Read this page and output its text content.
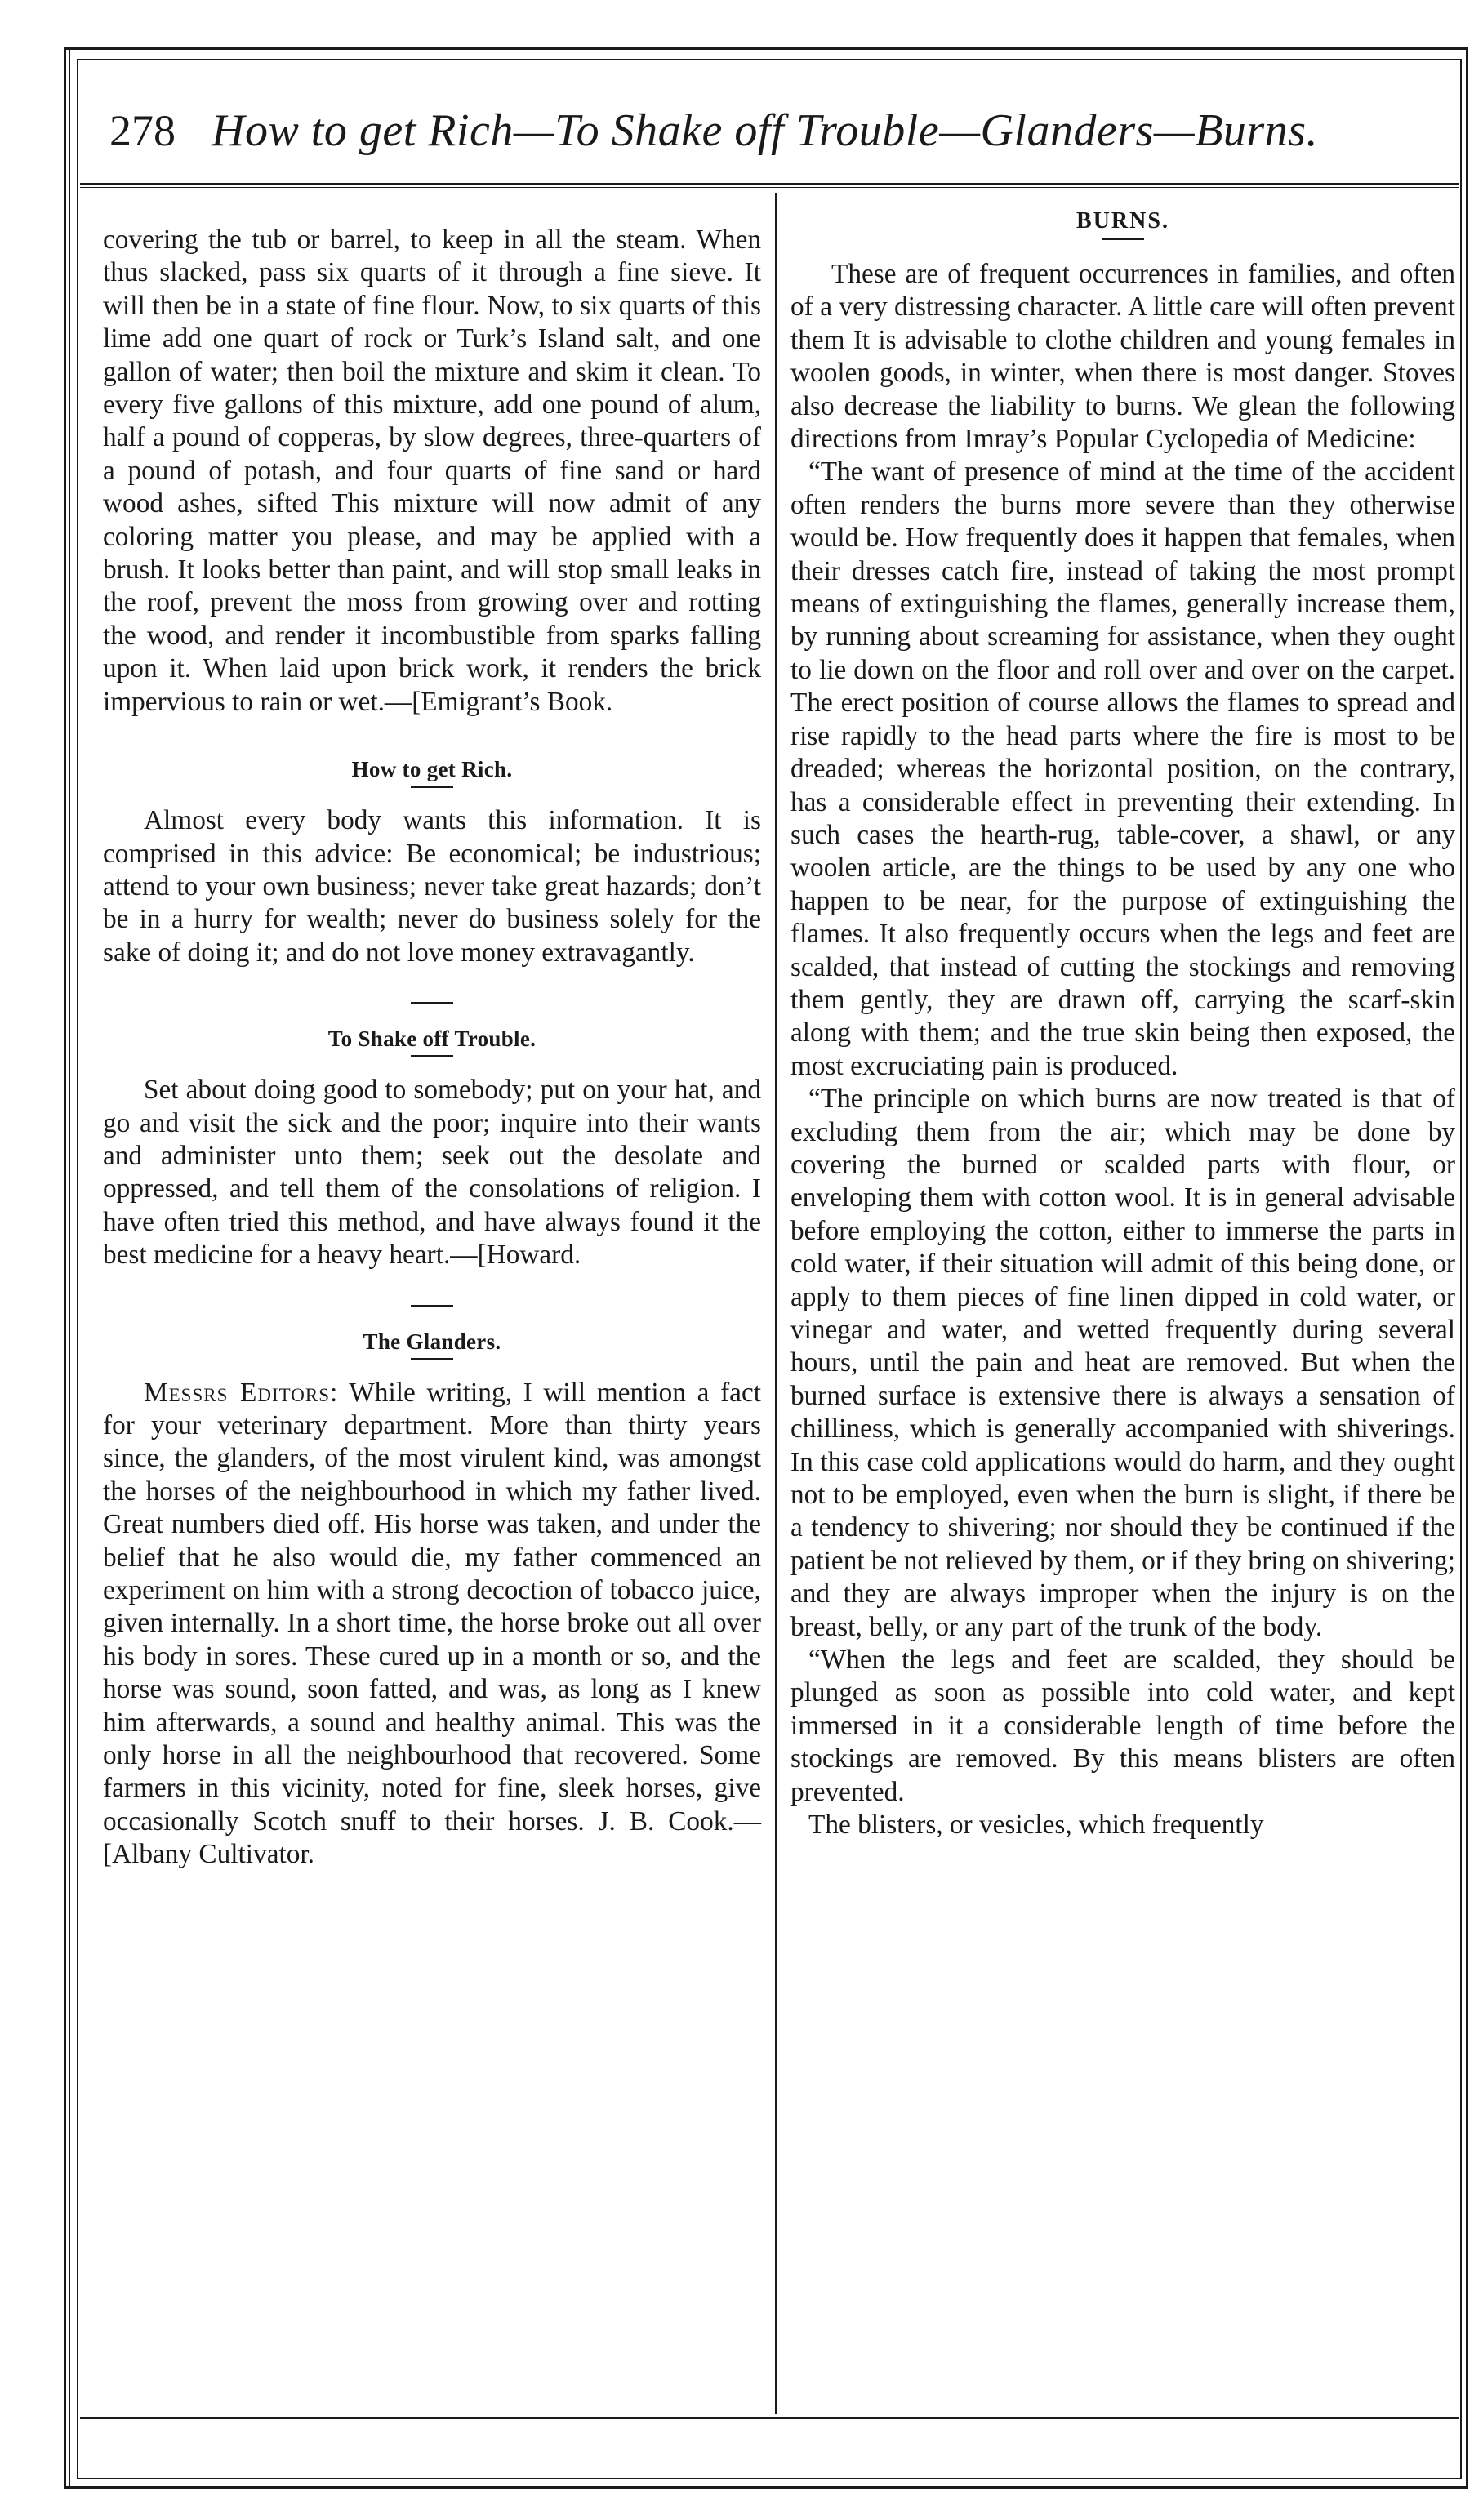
278 How to get Rich—To Shake off Trouble—Glanders—Burns.

covering the tub or barrel, to keep in all the steam. When thus slacked, pass six quarts of it through a fine sieve. It will then be in a state of fine flour. Now, to six quarts of this lime add one quart of rock or Turk’s Island salt, and one gallon of water; then boil the mixture and skim it clean. To every five gallons of this mixture, add one pound of alum, half a pound of copperas, by slow degrees, three-quarters of a pound of potash, and four quarts of fine sand or hard wood ashes, sifted This mixture will now admit of any coloring matter you please, and may be applied with a brush. It looks better than paint, and will stop small leaks in the roof, prevent the moss from growing over and rotting the wood, and render it incombustible from sparks falling upon it. When laid upon brick work, it renders the brick impervious to rain or wet.—[Emigrant’s Book.

How to get Rich.

Almost every body wants this information. It is comprised in this advice: Be economical; be industrious; attend to your own business; never take great hazards; don’t be in a hurry for wealth; never do business solely for the sake of doing it; and do not love money extravagantly.

To Shake off Trouble.

Set about doing good to somebody; put on your hat, and go and visit the sick and the poor; inquire into their wants and administer unto them; seek out the desolate and oppressed, and tell them of the consolations of religion. I have often tried this method, and have always found it the best medicine for a heavy heart.—[Howard.

The Glanders.

Messrs Editors: While writing, I will mention a fact for your veterinary department. More than thirty years since, the glanders, of the most virulent kind, was amongst the horses of the neighbourhood in which my father lived. Great numbers died off. His horse was taken, and under the belief that he also would die, my father commenced an experiment on him with a strong decoction of tobacco juice, given internally. In a short time, the horse broke out all over his body in sores. These cured up in a month or so, and the horse was sound, soon fatted, and was, as long as I knew him afterwards, a sound and healthy animal. This was the only horse in all the neighbourhood that recovered. Some farmers in this vicinity, noted for fine, sleek horses, give occasionally Scotch snuff to their horses. J. B. Cook.—[Albany Cultivator.

BURNS.

These are of frequent occurrences in families, and often of a very distressing character. A little care will often prevent them It is advisable to clothe children and young females in woolen goods, in winter, when there is most danger. Stoves also decrease the liability to burns. We glean the following directions from Imray’s Popular Cyclopedia of Medicine:

“The want of presence of mind at the time of the accident often renders the burns more severe than they otherwise would be. How frequently does it happen that females, when their dresses catch fire, instead of taking the most prompt means of extinguishing the flames, generally increase them, by running about screaming for assistance, when they ought to lie down on the floor and roll over and over on the carpet. The erect position of course allows the flames to spread and rise rapidly to the head parts where the fire is most to be dreaded; whereas the horizontal position, on the contrary, has a considerable effect in preventing their extending. In such cases the hearth-rug, table-cover, a shawl, or any woolen article, are the things to be used by any one who happen to be near, for the purpose of extinguishing the flames. It also frequently occurs when the legs and feet are scalded, that instead of cutting the stockings and removing them gently, they are drawn off, carrying the scarf-skin along with them; and the true skin being then exposed, the most excruciating pain is produced.

“The principle on which burns are now treated is that of excluding them from the air; which may be done by covering the burned or scalded parts with flour, or enveloping them with cotton wool. It is in general advisable before employing the cotton, either to immerse the parts in cold water, if their situation will admit of this being done, or apply to them pieces of fine linen dipped in cold water, or vinegar and water, and wetted frequently during several hours, until the pain and heat are removed. But when the burned surface is extensive there is always a sensation of chilliness, which is generally accompanied with shiverings. In this case cold applications would do harm, and they ought not to be employed, even when the burn is slight, if there be a tendency to shivering; nor should they be continued if the patient be not relieved by them, or if they bring on shivering; and they are always improper when the injury is on the breast, belly, or any part of the trunk of the body.

“When the legs and feet are scalded, they should be plunged as soon as possible into cold water, and kept immersed in it a considerable length of time before the stockings are removed. By this means blisters are often prevented.

The blisters, or vesicles, which frequently
